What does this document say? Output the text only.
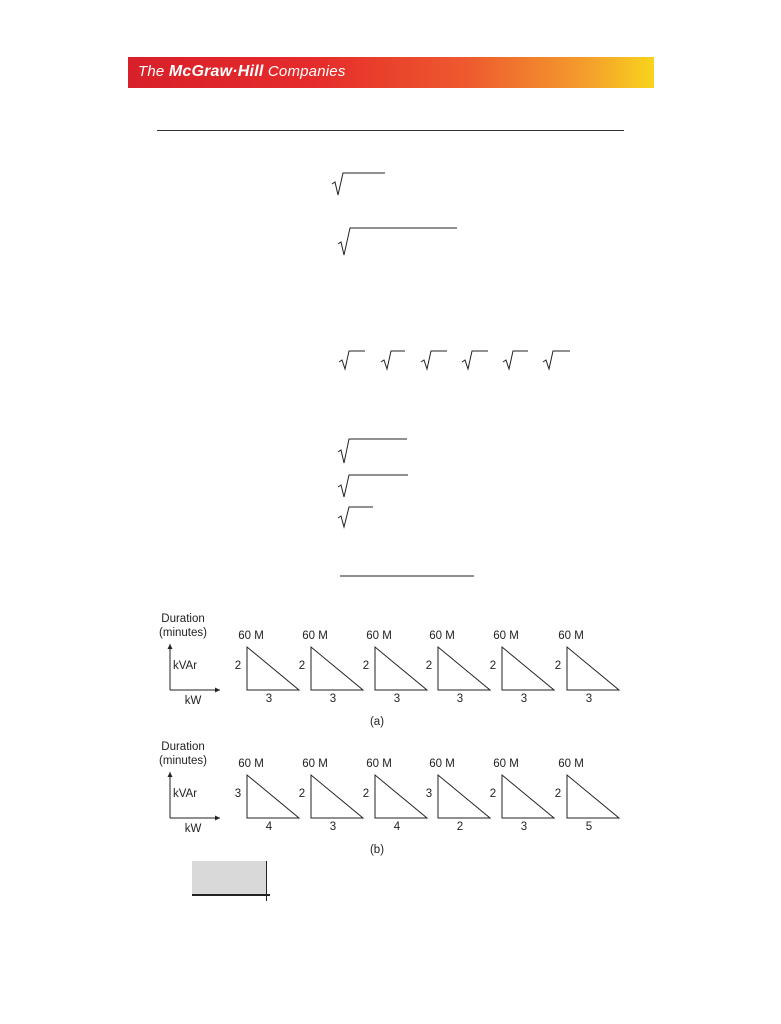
The McGraw·Hill Companies
Duration
(minutes)
kVAr
kW
60 M
2
3
60 M
2
3
60 M
2
3
60 M
2
3
60 M
2
3
60 M
2
3
(a)
Duration
(minutes)
kVAr
kW
60 M
3
4
60 M
2
3
60 M
2
4
60 M
3
2
60 M
2
3
60 M
2
5
(b)
